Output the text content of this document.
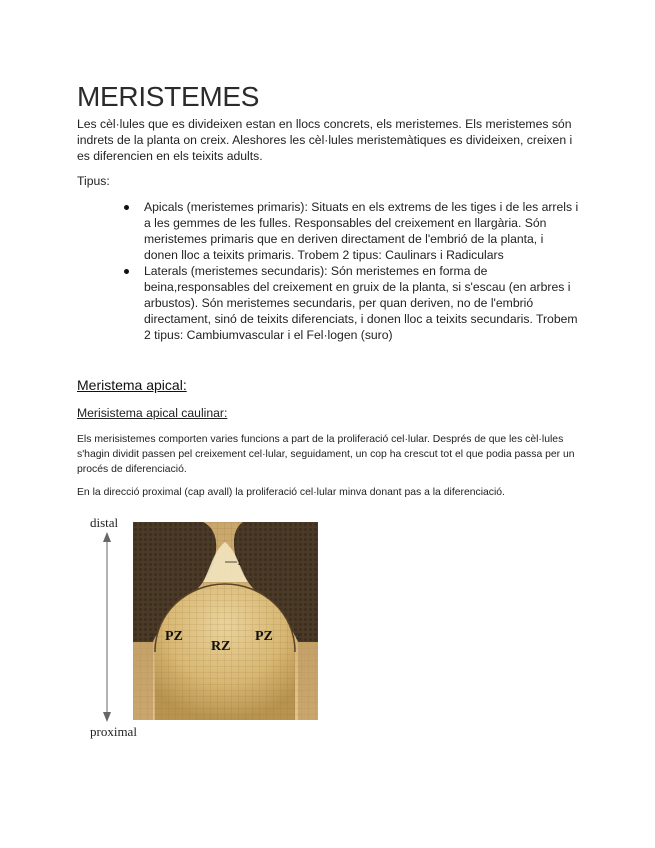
MERISTEMES
Les cèl·lules que es divideixen estan en llocs concrets, els meristemes. Els meristemes són indrets de la planta on creix. Aleshores les cèl·lules meristemàtiques es divideixen, creixen i es diferencien en els teixits adults.
Tipus:
Apicals (meristemes primaris): Situats en els extrems de les tiges i de les arrels i a les gemmes de les fulles. Responsables del creixement en llargària. Són meristemes primaris que en deriven directament de l'embrió de la planta, i donen lloc a teixits primaris. Trobem 2 tipus: Caulinars i Radiculars
Laterals (meristemes secundaris): Són meristemes en forma de beina,responsables del creixement en gruix de la planta, si s'escau (en arbres i arbustos). Són meristemes secundaris, per quan deriven, no de l'embrió directament, sinó de teixits diferenciats, i donen lloc a teixits secundaris. Trobem 2 tipus: Cambiumvascular i el Fel·logen (suro)
Meristema apical:
Merisistema apical caulinar:
Els merisistemes comporten varies funcions a part de la proliferació cel·lular. Després de que les cèl·lules s'hagin dividit passen pel creixement cel·lular, seguidament, un cop ha crescut tot el que podia passa per un procés de diferenciació.
En la direcció proximal (cap avall) la proliferació cel·lular minva donant pas a la diferenciació.
distal
proximal
1
2	2
PZ
RZ
PZ
